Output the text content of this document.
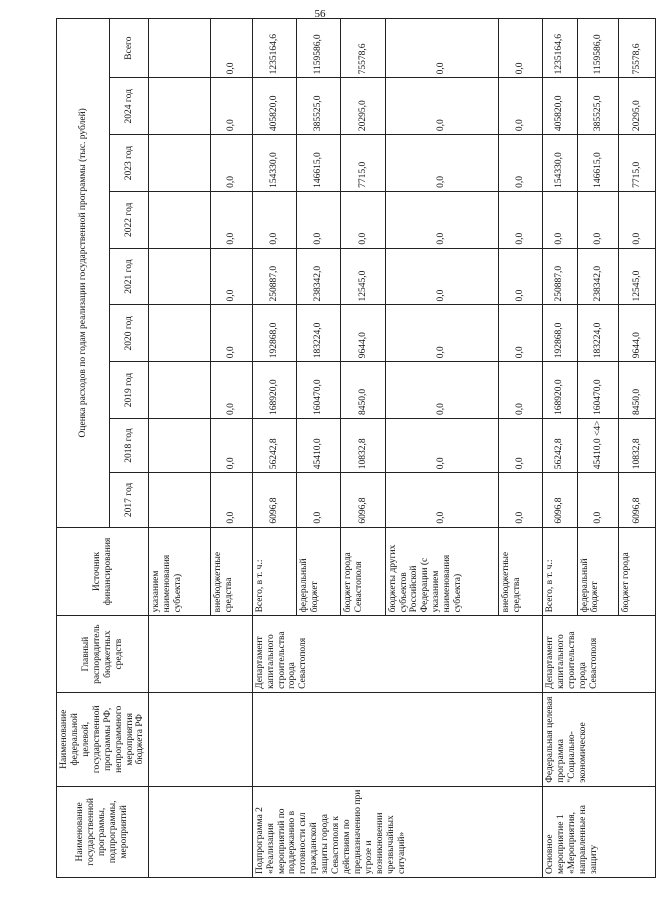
56
Наименование государственной программы, подпрограммы, мероприятий	Наименование федеральной целевой, государственной программы РФ, непрограммного мероприятия бюджета РФ	Главный распорядитель бюджетных средств	Источник финансирования	Оценка расходов по годам реализации государственной программы (тыс. рублей)								
				2017 год	2018 год	2019 год	2020 год	2021 год	2022 год	2023 год	2024 год	Всего
			указанием наименования субъекта)									
			внебюджетные средства	0,0	0,0	0,0	0,0	0,0	0,0	0,0	0,0	0,0
Подпрограмма 2 «Реализация мероприятий по поддержанию в готовности сил гражданской защиты города Севастополя к действиям по предназначению при угрозе и возникновении чрезвычайных ситуаций»		Департамент капитального строительства города Севастополя	Всего, в т. ч.:	6096,8	56242,8	168920,0	192868,0	250887,0	0,0	154330,0	405820,0	1235164,6
			федеральный бюджет	0,0	45410,0	160470,0	183224,0	238342,0	0,0	146615,0	385525,0	1159586,0
			бюджет города Севастополя	6096,8	10832,8	8450,0	9644,0	12545,0	0,0	7715,0	20295,0	75578,6
			бюджеты других субъектов Российской Федерации (с указанием наименования субъекта)	0,0	0,0	0,0	0,0	0,0	0,0	0,0	0,0	0,0
			внебюджетные средства	0,0	0,0	0,0	0,0	0,0	0,0	0,0	0,0	0,0
Основное мероприятие 1 «Мероприятия, направленные на защиту	Федеральная целевая программа "Социально-экономическое	Департамент капитального строительства города Севастополя	Всего, в т. ч.:	6096,8	56242,8	168920,0	192868,0	250887,0	0,0	154330,0	405820,0	1235164,6
			федеральный бюджет	0,0	45410,0 <4>	160470,0	183224,0	238342,0	0,0	146615,0	385525,0	1159586,0
			бюджет города	6096,8	10832,8	8450,0	9644,0	12545,0	0,0	7715,0	20295,0	75578,6
